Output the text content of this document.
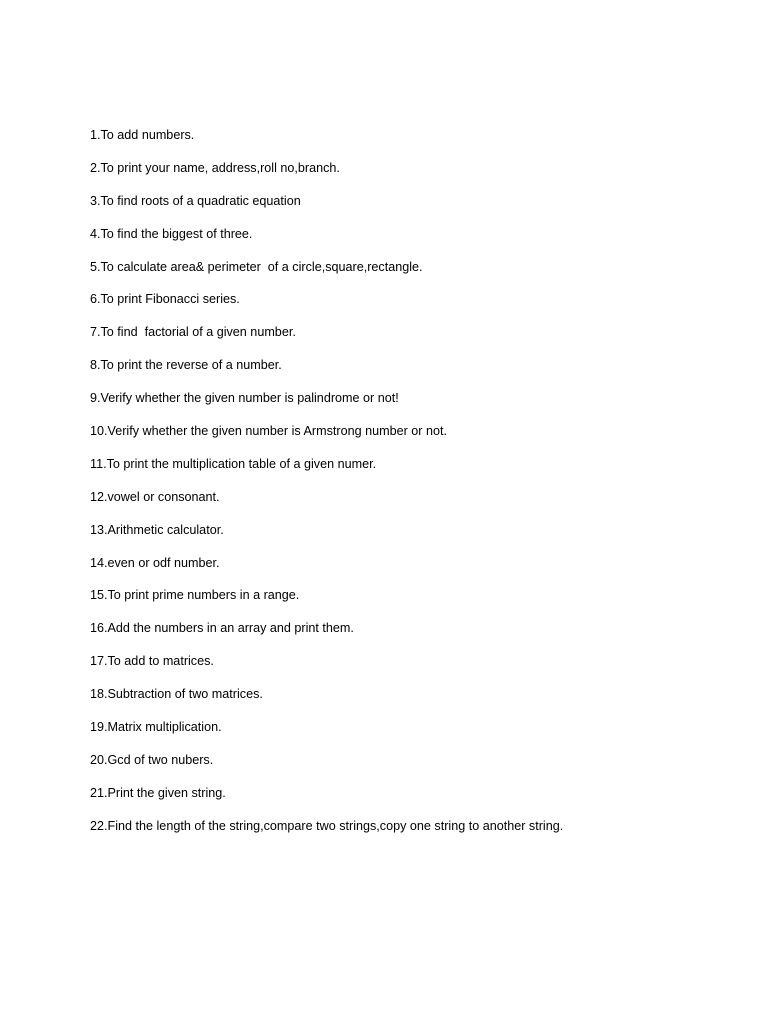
1.To add numbers.
2.To print your name, address,roll no,branch.
3.To find roots of a quadratic equation
4.To find the biggest of three.
5.To calculate area& perimeter  of a circle,square,rectangle.
6.To print Fibonacci series.
7.To find  factorial of a given number.
8.To print the reverse of a number.
9.Verify whether the given number is palindrome or not!
10.Verify whether the given number is Armstrong number or not.
11.To print the multiplication table of a given numer.
12.vowel or consonant.
13.Arithmetic calculator.
14.even or odf number.
15.To print prime numbers in a range.
16.Add the numbers in an array and print them.
17.To add to matrices.
18.Subtraction of two matrices.
19.Matrix multiplication.
20.Gcd of two nubers.
21.Print the given string.
22.Find the length of the string,compare two strings,copy one string to another string.
